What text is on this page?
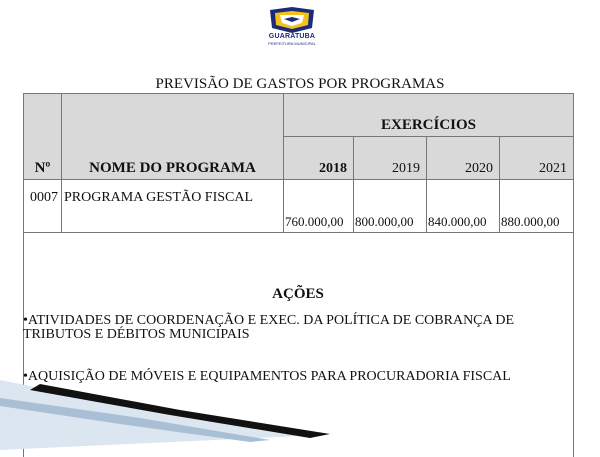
GUARATUBA
PREFEITURA MUNICIPAL
PREVISÃO DE GASTOS POR PROGRAMAS
Nº	NOME DO PROGRAMA	EXERCÍCIOS			
		2018	2019	2020	2021
0007	PROGRAMA GESTÃO FISCAL	760.000,00	800.000,00	840.000,00	880.000,00
AÇÕES
•ATIVIDADES DE COORDENAÇÃO E EXEC. DA POLÍTICA DE COBRANÇA DE TRIBUTOS E DÉBITOS MUNICIPAIS
•AQUISIÇÃO DE MÓVEIS E EQUIPAMENTOS PARA PROCURADORIA FISCAL
